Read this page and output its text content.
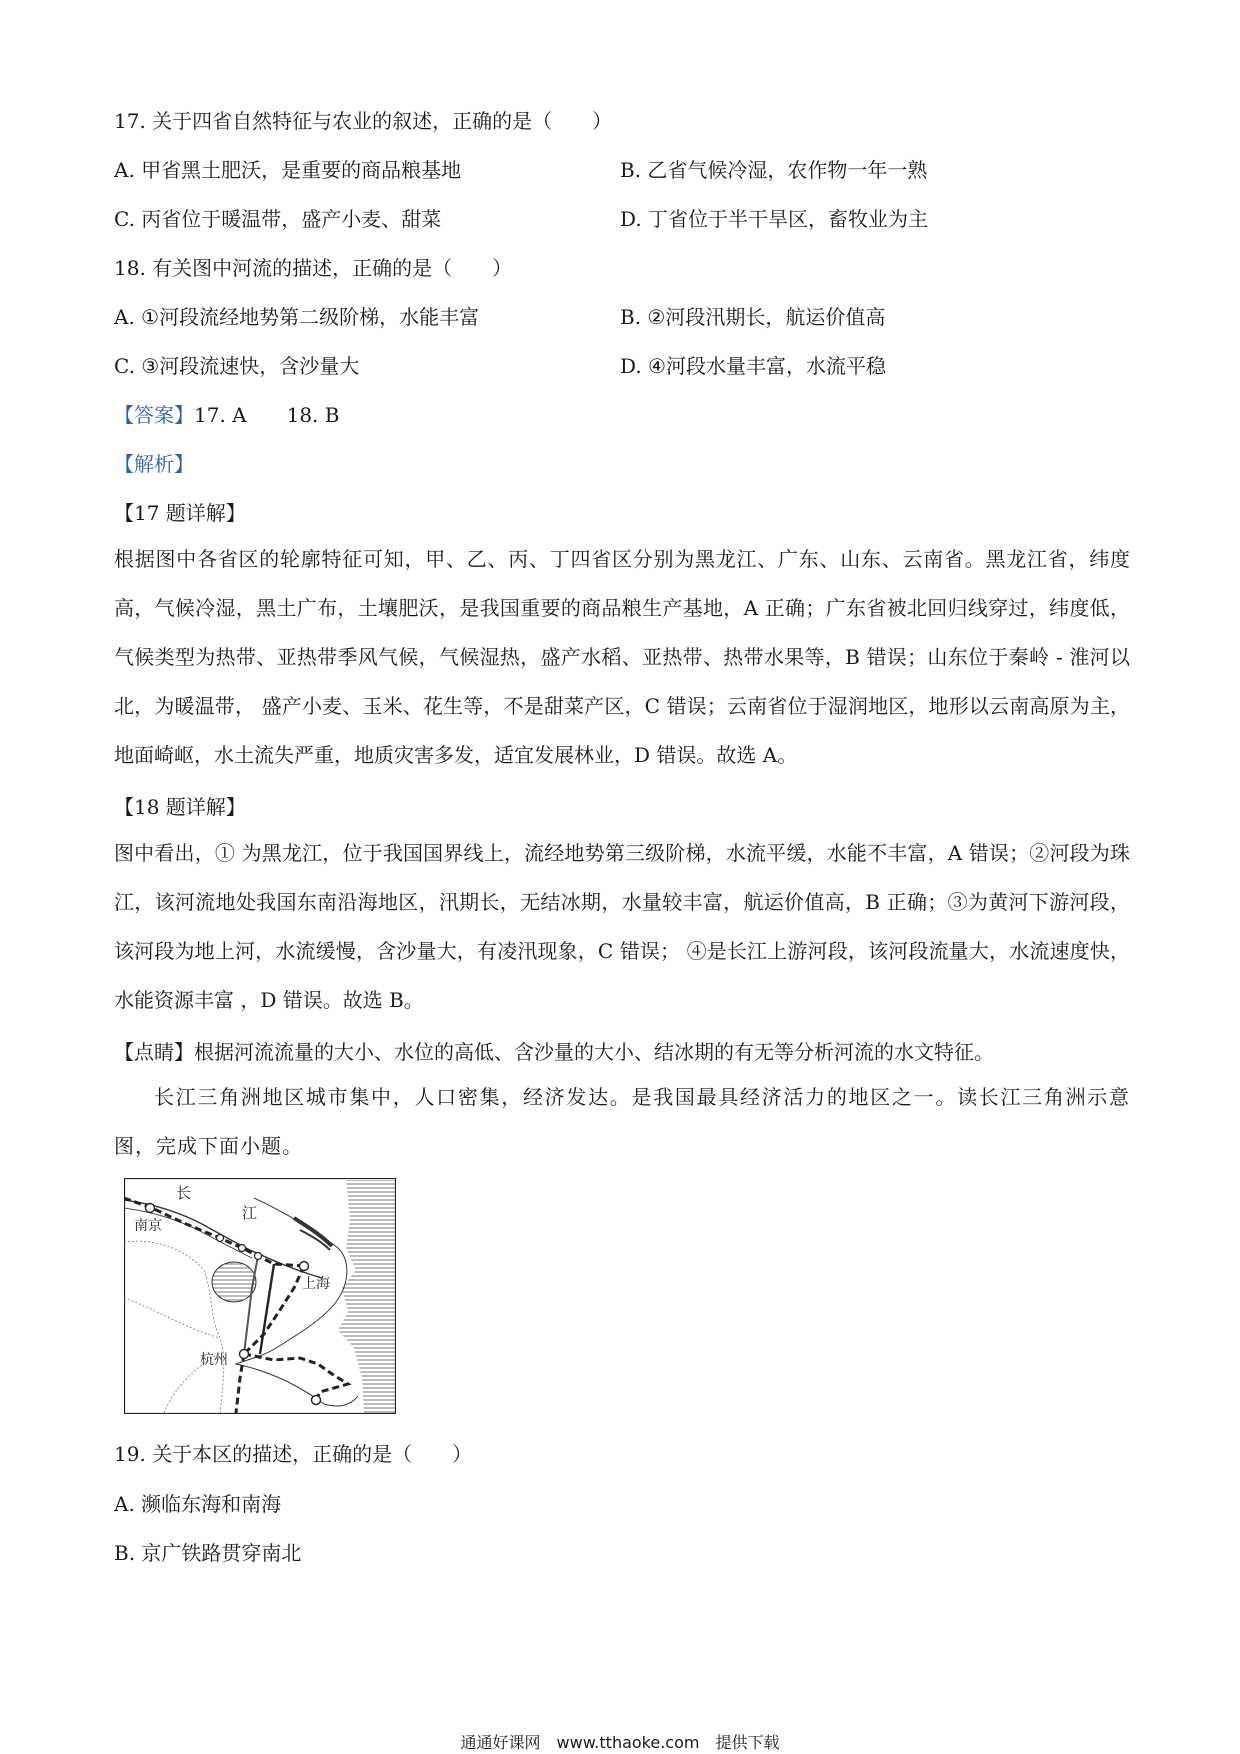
17. 关于四省自然特征与农业的叙述，正确的是（　　）
A. 甲省黑土肥沃，是重要的商品粮基地	B. 乙省气候冷湿，农作物一年一熟
C. 丙省位于暖温带，盛产小麦、甜菜	D. 丁省位于半干旱区，畜牧业为主
18. 有关图中河流的描述，正确的是（　　）
A. ①河段流经地势第二级阶梯，水能丰富	B. ②河段汛期长，航运价值高
C. ③河段流速快，含沙量大	D. ④河段水量丰富，水流平稳
【答案】17. A　　18. B
【解析】
【17 题详解】
根据图中各省区的轮廓特征可知，甲、乙、丙、丁四省区分别为黑龙江、广东、山东、云南省。黑龙江省，纬度高，气候冷湿，黑土广布，土壤肥沃，是我国重要的商品粮生产基地，A 正确；广东省被北回归线穿过，纬度低，气候类型为热带、亚热带季风气候，气候湿热，盛产水稻、亚热带、热带水果等，B 错误；山东位于秦岭 - 淮河以北，为暖温带， 盛产小麦、玉米、花生等，不是甜菜产区，C 错误；云南省位于湿润地区，地形以云南高原为主，地面崎岖，水土流失严重，地质灾害多发，适宜发展林业，D 错误。故选 A。
【18 题详解】
图中看出，① 为黑龙江，位于我国国界线上，流经地势第三级阶梯，水流平缓，水能不丰富，A 错误；②河段为珠江，该河流地处我国东南沿海地区，汛期长，无结冰期，水量较丰富，航运价值高，B 正确；③为黄河下游河段，该河段为地上河，水流缓慢，含沙量大，有凌汛现象，C 错误； ④是长江上游河段，该河段流量大，水流速度快，水能资源丰富 ，D 错误。故选 B。
【点睛】根据河流流量的大小、水位的高低、含沙量的大小、结冰期的有无等分析河流的水文特征。
长江三角洲地区城市集中，人口密集，经济发达。是我国最具经济活力的地区之一。读长江三角洲示意图，完成下面小题。
长
江
南京
上海
杭州
19. 关于本区的描述，正确的是（　　）
A. 濒临东海和南海
B. 京广铁路贯穿南北
通通好课网　www.tthaoke.com　提供下载
